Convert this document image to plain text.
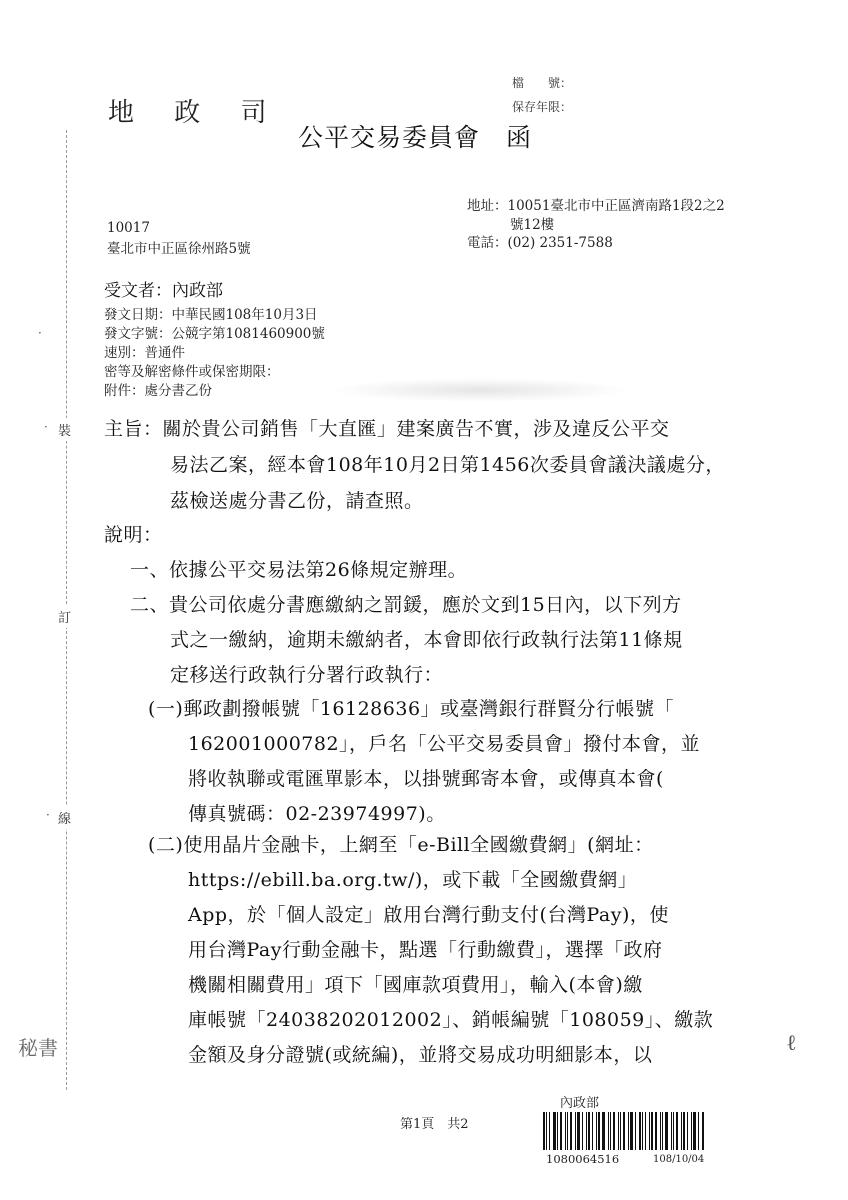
裝
訂
線
·
·
·
地 政 司
檔　　號：
保存年限：
公平交易委員會　函
地址：10051臺北市中正區濟南路1段2之2
號12樓
電話：(02) 2351-7588
10017
臺北市中正區徐州路5號
受文者：內政部
發文日期：中華民國108年10月3日
發文字號：公競字第1081460900號
速別：普通件
密等及解密條件或保密期限：
附件：處分書乙份
主旨：關於貴公司銷售「大直匯」建案廣告不實，涉及違反公平交
易法乙案，經本會108年10月2日第1456次委員會議決議處分，
茲檢送處分書乙份，請查照。
說明：
一、依據公平交易法第26條規定辦理。
二、貴公司依處分書應繳納之罰鍰，應於文到15日內，以下列方
式之一繳納，逾期未繳納者，本會即依行政執行法第11條規
定移送行政執行分署行政執行：
(一)郵政劃撥帳號「16128636」或臺灣銀行群賢分行帳號「
162001000782」，戶名「公平交易委員會」撥付本會，並
將收執聯或電匯單影本，以掛號郵寄本會，或傳真本會(
傳真號碼：02-23974997)。
(二)使用晶片金融卡，上網至「e-Bill全國繳費網」(網址：
https://ebill.ba.org.tw/)，或下載「全國繳費網」
App，於「個人設定」啟用台灣行動支付(台灣Pay)，使
用台灣Pay行動金融卡，點選「行動繳費」，選擇「政府
機關相關費用」項下「國庫款項費用」，輸入(本會)繳
庫帳號「24038202012002」、銷帳編號「108059」、繳款
金額及身分證號(或統編)，並將交易成功明細影本，以
秘書	ℓ
第1頁　共2
內政部
1080064516	108/10/04
